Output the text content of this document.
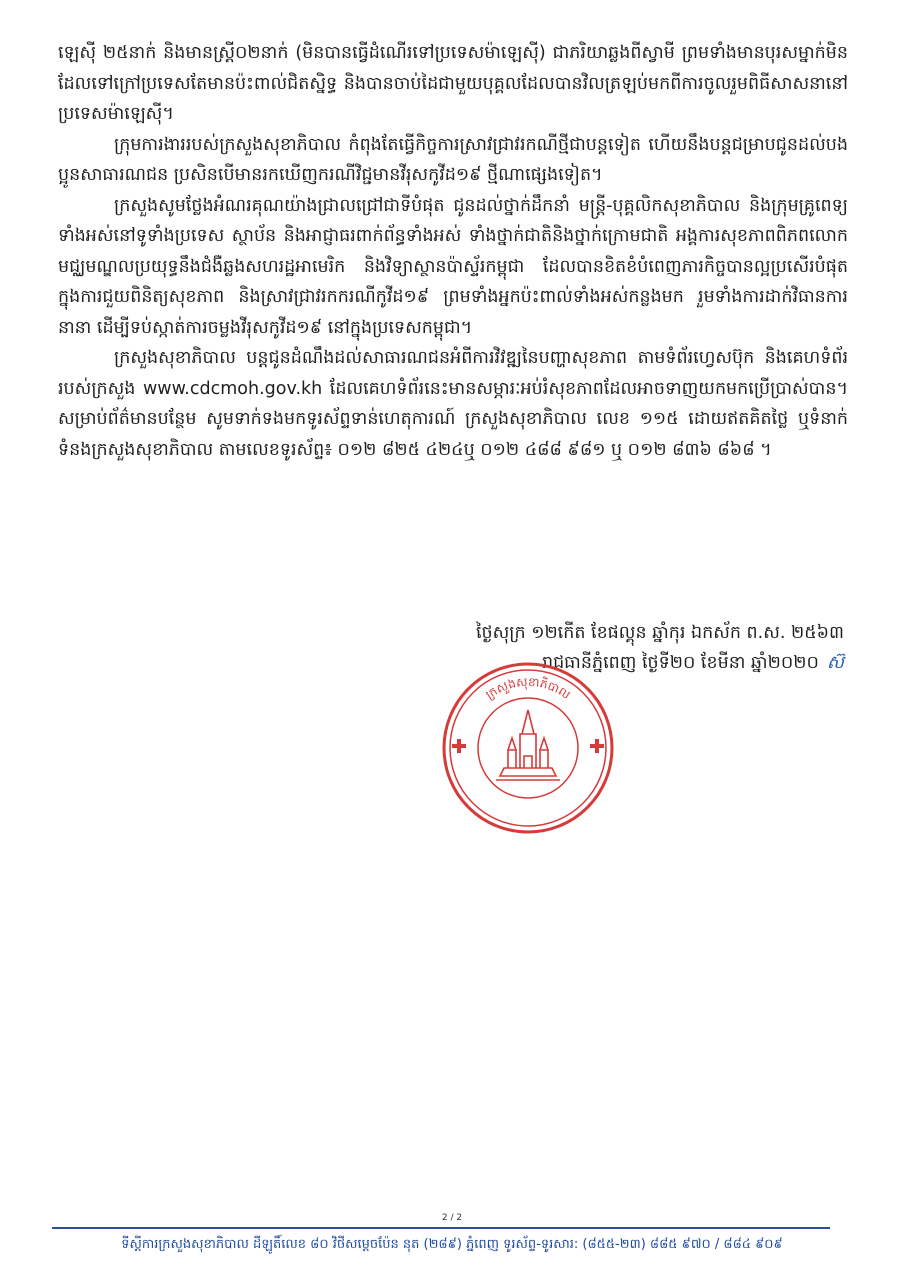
ឡេស៊ី ២៥នាក់ និងមានស្ត្រី០២នាក់ (មិនបានធ្វើដំណើរទៅប្រទេសម៉ាឡេស៊ី) ជាភរិយាឆ្លងពីស្វាមី ព្រមទាំងមានបុរសម្នាក់មិនដែលទៅក្រៅប្រទេសតែមានប៉ះពាល់ជិតស្និទ្ធ និងបានចាប់ដៃជាមួយបុគ្គលដែលបានវិលត្រឡប់មកពីការចូលរួមពិធីសាសនានៅប្រទេសម៉ាឡេស៊ី។

ក្រុមការងាររបស់ក្រសួងសុខាភិបាល កំពុងតែធ្វើកិច្ចការស្រាវជ្រាវរកណីថ្មីជាបន្តទៀត ហើយនឹងបន្តជម្រាបជូនដល់បងប្អូនសាធារណជន ប្រសិនបើមានរកឃើញករណីវិជ្ជមានវីរុសកូវីដ១៩ ថ្មីណាផ្សេងទៀត។

ក្រសួងសូមថ្លែងអំណរគុណយ៉ាងជ្រាលជ្រៅជាទីបំផុត ជូនដល់ថ្នាក់ដឹកនាំ មន្ត្រី-បុគ្គលិកសុខាភិបាល និងក្រុមគ្រូពេទ្យទាំងអស់នៅទូទាំងប្រទេស ស្ថាប័ន និងអាជ្ញាធរពាក់ព័ន្ធទាំងអស់ ទាំងថ្នាក់ជាតិនិងថ្នាក់ក្រោមជាតិ អង្គការសុខភាពពិភពលោក មជ្ឈមណ្ឌលប្រយុទ្ធនឹងជំងឺឆ្លងសហរដ្ឋអាមេរិក និងវិទ្យាស្ថានប៉ាស្ទ័រកម្ពុជា ដែលបានខិតខំបំពេញភារកិច្ចបានល្អប្រសើរបំផុត ក្នុងការជួយពិនិត្យសុខភាព និងស្រាវជ្រាវរកករណីកូវីដ១៩ ព្រមទាំងអ្នកប៉ះពាល់ទាំងអស់កន្លងមក រួមទាំងការដាក់វិធានការនានា ដើម្បីទប់ស្កាត់ការចម្លងវីរុសកូវីដ១៩ នៅក្នុងប្រទេសកម្ពុជា។

ក្រសួងសុខាភិបាល បន្តជូនដំណឹងដល់សាធារណជនអំពីការវិវឌ្ឍនៃបញ្ហាសុខភាព តាមទំព័រហ្វេសប៊ុក និងគេហទំព័ររបស់ក្រសួង www.cdcmoh.gov.kh ដែលគេហទំព័រនេះមានសម្ភារៈអប់រំសុខភាពដែលអាចទាញយកមកប្រើប្រាស់បាន។ សម្រាប់ព័ត៌មានបន្ថែម សូមទាក់ទងមកទូរស័ព្ទទាន់ហេតុការណ៍ ក្រសួងសុខាភិបាល លេខ ១១៥ ដោយឥតគិតថ្លៃ ឬទំនាក់ទំនងក្រសួងសុខាភិបាល តាមលេខទូរស័ព្ទ៖ ០១២ ៨២៥ ៤២៤ឬ ០១២ ៤៨៨ ៩៨១ ឬ ០១២ ៨៣៦ ៨៦៨ ។

ថ្ងៃសុក្រ ១២កើត ខែផល្គុន ឆ្នាំកុរ ឯកស័ក ព.ស. ២៥៦៣
រាជធានីភ្នំពេញ ថ្ងៃទី២០ ខែមីនា ឆ្នាំ២០២០ ស៊
ក្រសួងសុខាភិបាល
2 / 2
ទីស្តីការក្រសួងសុខាភិបាល ដីឡូតិ៍លេខ ៨០ វិថីសម្តេចប៉ែន នុត (២៨៩) ភ្នំពេញ ទូរស័ព្ទ-ទូរសារ: (៨៥៥-២៣) ៨៨៥ ៩៧០ / ៨៨៤ ៩០៩
